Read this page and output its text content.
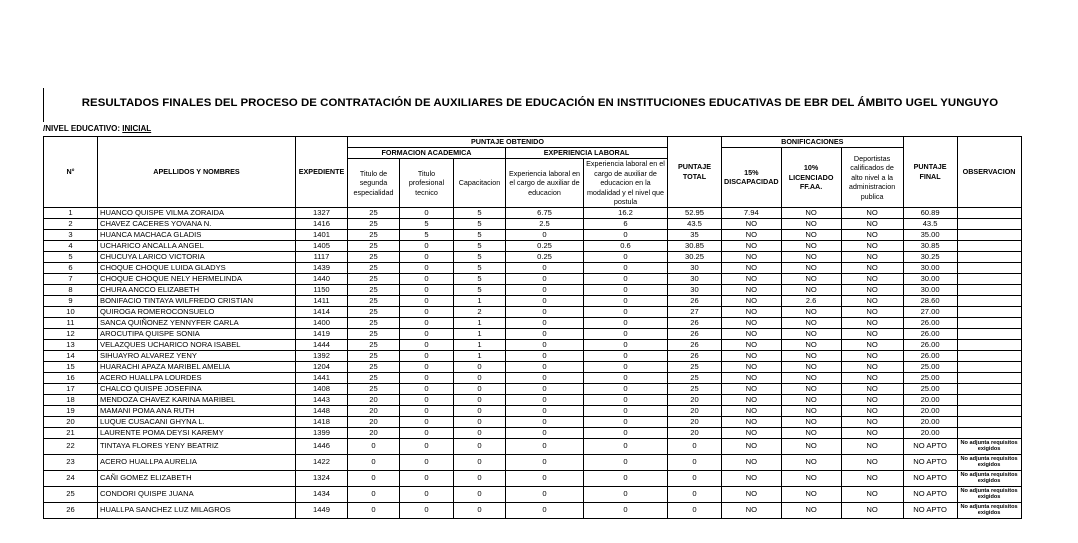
RESULTADOS FINALES DEL PROCESO DE CONTRATACIÓN DE AUXILIARES DE EDUCACIÓN EN INSTITUCIONES EDUCATIVAS DE EBR DEL ÁMBITO UGEL YUNGUYO
/NIVEL EDUCATIVO: INICIAL
N°	APELLIDOS Y NOMBRES	EXPEDIENTE	PUNTAJE OBTENIDO					PUNTAJE TOTAL	BONIFICACIONES			PUNTAJE FINAL	OBSERVACION
			FORMACION ACADEMICA			EXPERIENCIA LABORAL			15% DISCAPACIDAD	10% LICENCIADO FF.AA.	Deportistas calificados de alto nivel a la administracion publica		
			Titulo de segunda especialidad	Titulo profesional tecnico	Capacitacion	Experiencia laboral en el cargo de auxiliar de educacion	Experiencia laboral en el cargo de auxiliar de educacion en la modalidad y el nivel que postula						
1	HUANCO QUISPE VILMA ZORAIDA	1327	25	0	5	6.75	16.2	52.95	7.94	NO	NO	60.89	
2	CHAVEZ CACERES YOVANA N.	1416	25	5	5	2.5	6	43.5	NO	NO	NO	43.5	
3	HUANCA MACHACA GLADIS	1401	25	5	5	0	0	35	NO	NO	NO	35.00	
4	UCHARICO ANCALLA ANGEL	1405	25	0	5	0.25	0.6	30.85	NO	NO	NO	30.85	
5	CHUCUYA LARICO VICTORIA	1117	25	0	5	0.25	0	30.25	NO	NO	NO	30.25	
6	CHOQUE CHOQUE LUIDA GLADYS	1439	25	0	5	0	0	30	NO	NO	NO	30.00	
7	CHOQUE CHOQUE NELY HERMELINDA	1440	25	0	5	0	0	30	NO	NO	NO	30.00	
8	CHURA ANCCO ELIZABETH	1150	25	0	5	0	0	30	NO	NO	NO	30.00	
9	BONIFACIO TINTAYA WILFREDO CRISTIAN	1411	25	0	1	0	0	26	NO	2.6	NO	28.60	
10	QUIROGA ROMEROCONSUELO	1414	25	0	2	0	0	27	NO	NO	NO	27.00	
11	SANCA QUIÑONEZ YENNYFER CARLA	1400	25	0	1	0	0	26	NO	NO	NO	26.00	
12	AROCUTIPA QUISPE SONIA	1419	25	0	1	0	0	26	NO	NO	NO	26.00	
13	VELAZQUES UCHARICO NORA ISABEL	1444	25	0	1	0	0	26	NO	NO	NO	26.00	
14	SIHUAYRO ALVAREZ YENY	1392	25	0	1	0	0	26	NO	NO	NO	26.00	
15	HUARACHI APAZA MARIBEL AMELIA	1204	25	0	0	0	0	25	NO	NO	NO	25.00	
16	ACERO HUALLPA LOURDES	1441	25	0	0	0	0	25	NO	NO	NO	25.00	
17	CHALCO QUISPE JOSEFINA	1408	25	0	0	0	0	25	NO	NO	NO	25.00	
18	MENDOZA CHAVEZ KARINA MARIBEL	1443	20	0	0	0	0	20	NO	NO	NO	20.00	
19	MAMANI POMA ANA RUTH	1448	20	0	0	0	0	20	NO	NO	NO	20.00	
20	LUQUE CUSACANI GHYNA L.	1418	20	0	0	0	0	20	NO	NO	NO	20.00	
21	LAURENTE POMA DEYSI KAREMY	1399	20	0	0	0	0	20	NO	NO	NO	20.00	
22	TINTAYA FLORES YENY BEATRIZ	1446	0	0	0	0	0	0	NO	NO	NO	NO APTO	No adjunta requisitos exigidos
23	ACERO HUALLPA AURELIA	1422	0	0	0	0	0	0	NO	NO	NO	NO APTO	No adjunta requisitos exigidos
24	CAÑI GOMEZ ELIZABETH	1324	0	0	0	0	0	0	NO	NO	NO	NO APTO	No adjunta requisitos exigidos
25	CONDORI QUISPE JUANA	1434	0	0	0	0	0	0	NO	NO	NO	NO APTO	No adjunta requisitos exigidos
26	HUALLPA SANCHEZ LUZ MILAGROS	1449	0	0	0	0	0	0	NO	NO	NO	NO APTO	No adjunta requisitos exigidos
